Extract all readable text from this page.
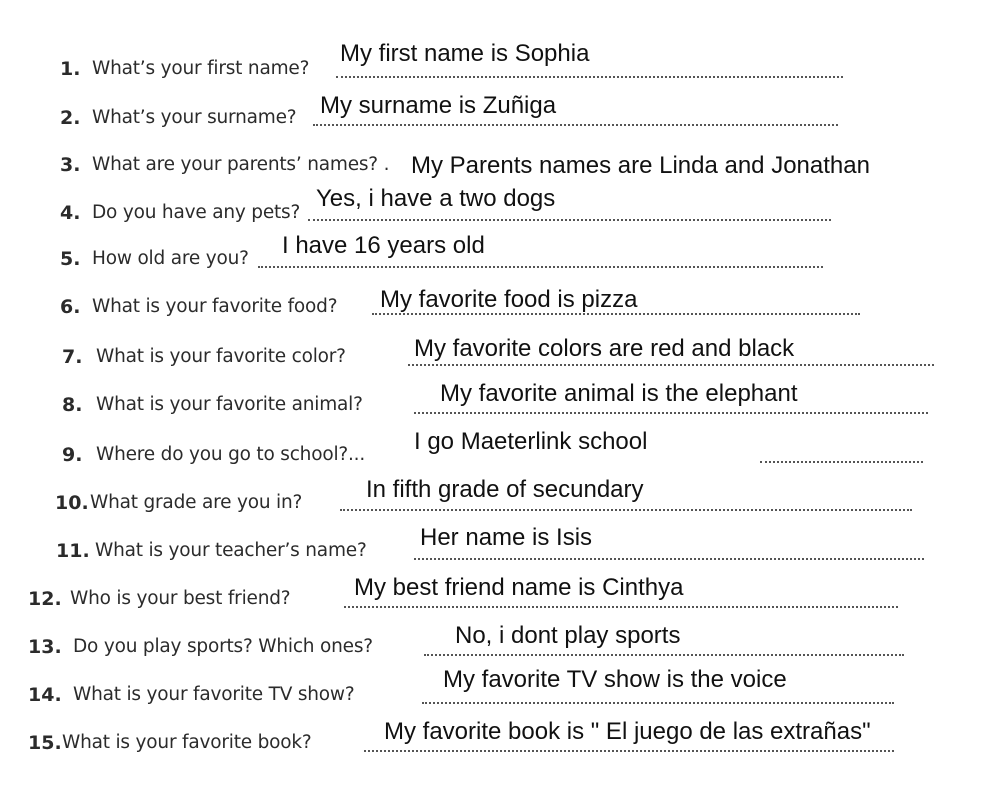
1. What’s your first name?
My first name is Sophia
2. What’s your surname? My surname is Zuñiga
3. What are your parents’ names? . My Parents names are Linda and Jonathan
4. Do you have any pets?
Yes, i have a two dogs
5. How old are you? I have 16 years old
6. What is your favorite food? My favorite food is pizza
7. What is your favorite color?	My favorite colors are red and black
8. What is your favorite animal?	My favorite animal is the elephant
9. Where do you go to school?... I go Maeterlink school
10. What grade are you in?	In fifth grade of secundary
11. What is your teacher’s name? Her name is Isis
12. Who is your best friend?	My best friend name is Cinthya
13. Do you play sports? Which ones?	No, i dont play sports
14. What is your favorite TV show?
My favorite TV show is the voice
15. What is your favorite book?	My favorite book is " El juego de las extrañas"
